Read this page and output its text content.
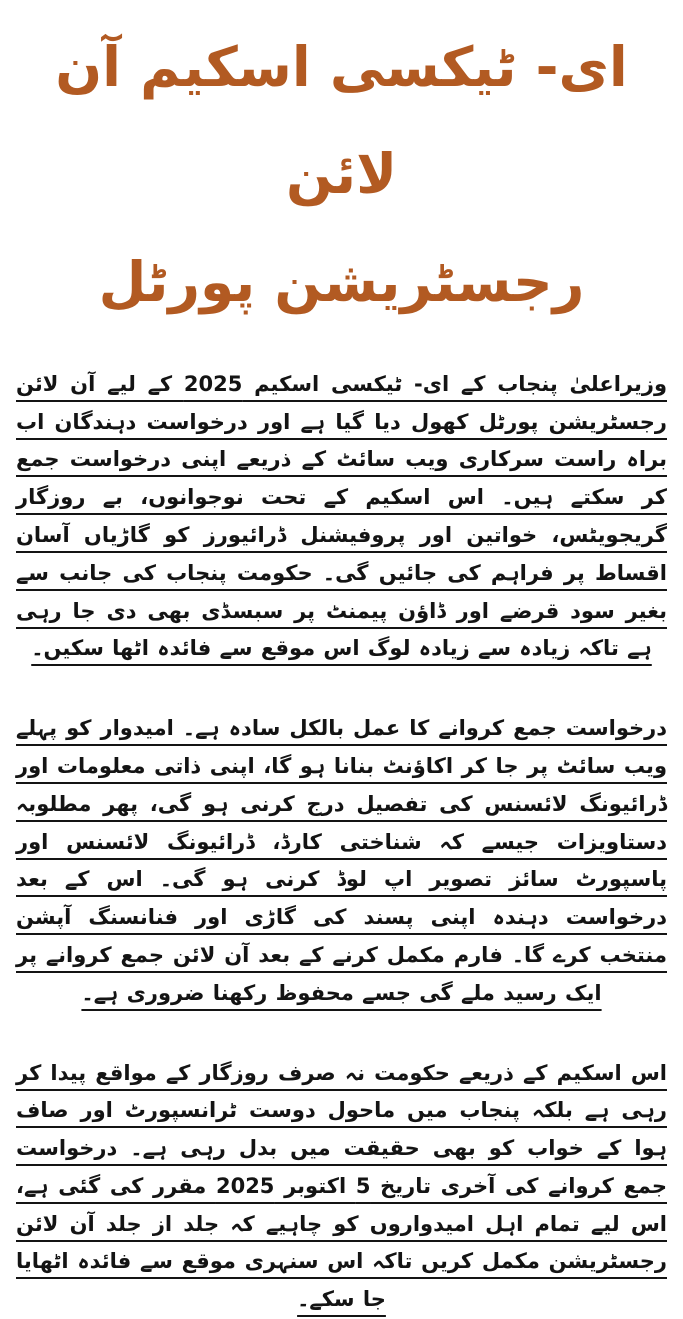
ای- ٹیکسی اسکیم آن لائن
رجسٹریشن پورٹل

وزیراعلیٰ پنجاب کے ای- ٹیکسی اسکیم 2025 کے لیے آن لائن رجسٹریشن پورٹل کھول دیا گیا ہے اور درخواست دہندگان اب براہ راست سرکاری ویب سائٹ کے ذریعے اپنی درخواست جمع کر سکتے ہیں۔ اس اسکیم کے تحت نوجوانوں، بے روزگار گریجویٹس، خواتین اور پروفیشنل ڈرائیورز کو گاڑیاں آسان اقساط پر فراہم کی جائیں گی۔ حکومت پنجاب کی جانب سے بغیر سود قرضے اور ڈاؤن پیمنٹ پر سبسڈی بھی دی جا رہی ہے تاکہ زیادہ سے زیادہ لوگ اس موقع سے فائدہ اٹھا سکیں۔

درخواست جمع کروانے کا عمل بالکل سادہ ہے۔ امیدوار کو پہلے ویب سائٹ پر جا کر اکاؤنٹ بنانا ہو گا، اپنی ذاتی معلومات اور ڈرائیونگ لائسنس کی تفصیل درج کرنی ہو گی، پھر مطلوبہ دستاویزات جیسے کہ شناختی کارڈ، ڈرائیونگ لائسنس اور پاسپورٹ سائز تصویر اپ لوڈ کرنی ہو گی۔ اس کے بعد درخواست دہندہ اپنی پسند کی گاڑی اور فنانسنگ آپشن منتخب کرے گا۔ فارم مکمل کرنے کے بعد آن لائن جمع کروانے پر ایک رسید ملے گی جسے محفوظ رکھنا ضروری ہے۔

اس اسکیم کے ذریعے حکومت نہ صرف روزگار کے مواقع پیدا کر رہی ہے بلکہ پنجاب میں ماحول دوست ٹرانسپورٹ اور صاف ہوا کے خواب کو بھی حقیقت میں بدل رہی ہے۔ درخواست جمع کروانے کی آخری تاریخ 5 اکتوبر 2025 مقرر کی گئی ہے، اس لیے تمام اہل امیدواروں کو چاہیے کہ جلد از جلد آن لائن رجسٹریشن مکمل کریں تاکہ اس سنہری موقع سے فائدہ اٹھایا جا سکے۔
